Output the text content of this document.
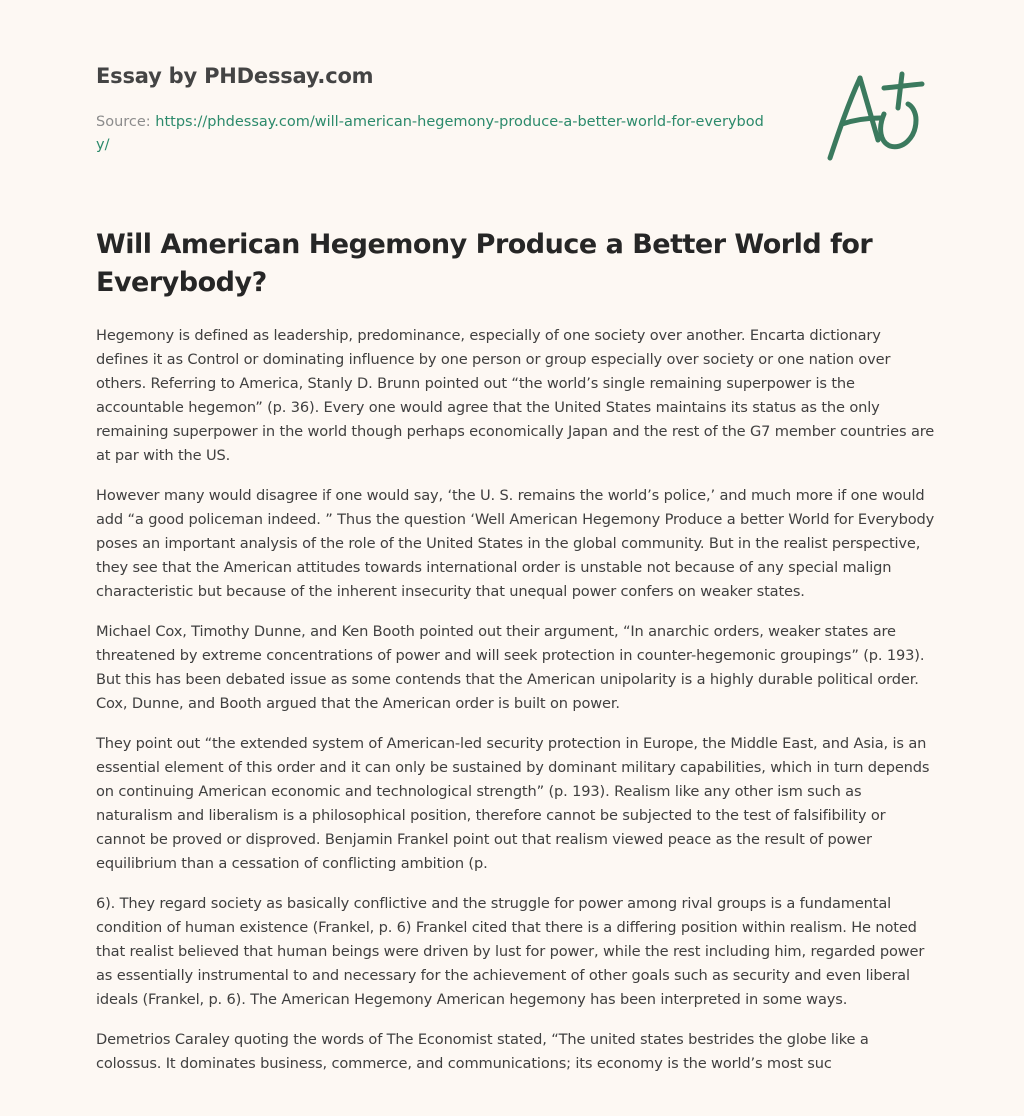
Essay by PHDessay.com

Source: https://phdessay.com/will-american-hegemony-produce-a-better-world-for-everybody/

Will American Hegemony Produce a Better World for Everybody?

Hegemony is defined as leadership, predominance, especially of one society over another. Encarta dictionary defines it as Control or dominating influence by one person or group especially over society or one nation over others. Referring to America, Stanly D. Brunn pointed out “the world’s single remaining superpower is the accountable hegemon” (p. 36). Every one would agree that the United States maintains its status as the only remaining superpower in the world though perhaps economically Japan and the rest of the G7 member countries are at par with the US.

However many would disagree if one would say, ‘the U. S. remains the world’s police,’ and much more if one would add “a good policeman indeed. ” Thus the question ‘Well American Hegemony Produce a better World for Everybody poses an important analysis of the role of the United States in the global community. But in the realist perspective, they see that the American attitudes towards international order is unstable not because of any special malign characteristic but because of the inherent insecurity that unequal power confers on weaker states.

Michael Cox, Timothy Dunne, and Ken Booth pointed out their argument, “In anarchic orders, weaker states are threatened by extreme concentrations of power and will seek protection in counter-hegemonic groupings” (p. 193). But this has been debated issue as some contends that the American unipolarity is a highly durable political order. Cox, Dunne, and Booth argued that the American order is built on power.

They point out “the extended system of American-led security protection in Europe, the Middle East, and Asia, is an essential element of this order and it can only be sustained by dominant military capabilities, which in turn depends on continuing American economic and technological strength” (p. 193). Realism like any other ism such as naturalism and liberalism is a philosophical position, therefore cannot be subjected to the test of falsifibility or cannot be proved or disproved. Benjamin Frankel point out that realism viewed peace as the result of power equilibrium than a cessation of conflicting ambition (p.

6). They regard society as basically conflictive and the struggle for power among rival groups is a fundamental condition of human existence (Frankel, p. 6) Frankel cited that there is a differing position within realism. He noted that realist believed that human beings were driven by lust for power, while the rest including him, regarded power as essentially instrumental to and necessary for the achievement of other goals such as security and even liberal ideals (Frankel, p. 6). The American Hegemony American hegemony has been interpreted in some ways.

Demetrios Caraley quoting the words of The Economist stated, “The united states bestrides the globe like a colossus. It dominates business, commerce, and communications; its economy is the world’s most suc
